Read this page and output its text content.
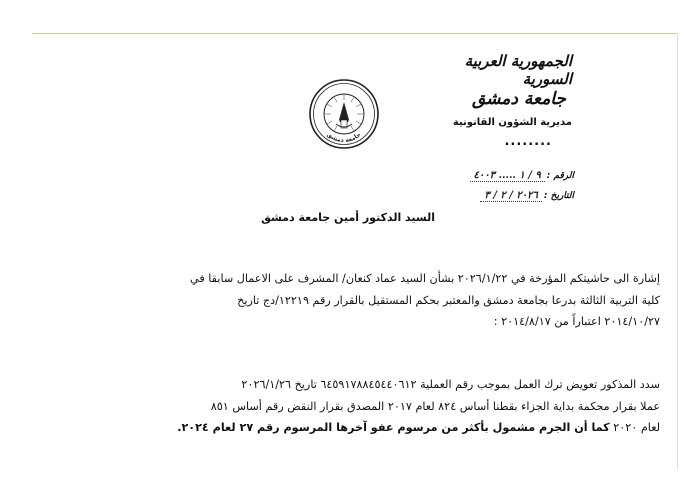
الجمهورية العربية السورية
جامعة دمشق
مديرية الشؤون القانونية
........
جامعة دمشق
الرقم :
٩ / ١ ..... ٤٠٠٣
التاريخ :
٢٠٢٦ / ٢ / ٣
السيد الدكتور أمين جامعة دمشق
إشارة الى حاشيتكم المؤرخة في ٢٠٢٦/١/٢٢ بشأن السيد عماد كنعان/ المشرف على الاعمال سابقا في
كلية التربية الثالثة بدرعا بجامعة دمشق والمعتبر بحكم المستقيل بالقرار رقم ١٢٢١٩/دج تاريخ
٢٠١٤/١٠/٢٧ اعتباراً من ٢٠١٤/٨/١٧ :
سدد المذكور تعويض ترك العمل بموجب رقم العملية ٦٤٥٩١٧٨٨٤٥٤٤٠٦١٢ تاريخ ٢٠٢٦/١/٢٦
عملا بقرار محكمة بداية الجزاء بقطنا أساس ٨٢٤ لعام ٢٠١٧ المصدق بقرار النقض رقم أساس ٨٥١
لعام ٢٠٢٠ كما أن الجرم مشمول بأكثر من مرسوم عفو آخرها المرسوم رقم ٢٧ لعام ٢٠٢٤.
